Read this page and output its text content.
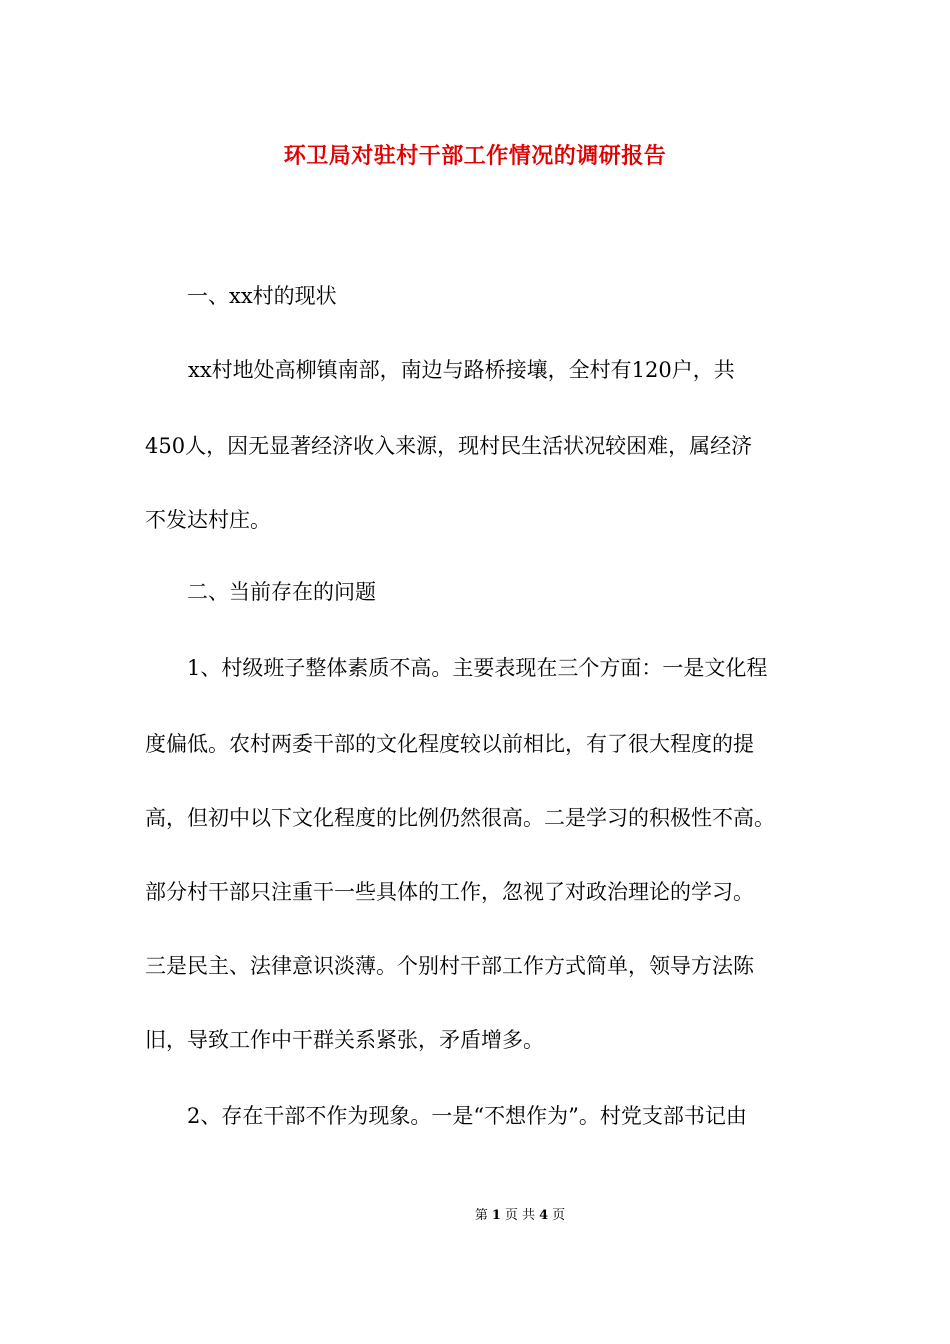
环卫局对驻村干部工作情况的调研报告
　　一、xx村的现状
　xx村地处高柳镇南部，南边与路桥接壤，全村有120户，共
450人，因无显著经济收入来源，现村民生活状况较困难，属经济
不发达村庄。
　　二、当前存在的问题
　　1、村级班子整体素质不高。主要表现在三个方面：一是文化程
度偏低。农村两委干部的文化程度较以前相比，有了很大程度的提
高，但初中以下文化程度的比例仍然很高。二是学习的积极性不高。
部分村干部只注重干一些具体的工作，忽视了对政治理论的学习。
三是民主、法律意识淡薄。个别村干部工作方式简单，领导方法陈
旧，导致工作中干群关系紧张，矛盾增多。
　　2、存在干部不作为现象。一是“不想作为”。村党支部书记由
第 1 页 共 4 页
